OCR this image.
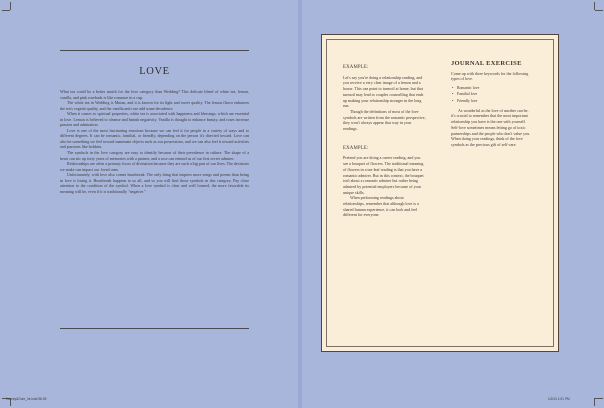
LOVE

What tea could be a better match for the love category than Wedding? This delicate blend of white tea, lemon, vanilla, and pink rosebuds is like romance in a cup.

The white tea in Wedding is Mutan, and it is known for its light and sweet quality. The lemon flavor enhances the tea's vegetal quality, and the vanilla and rose add some decadence.

When it comes to spiritual properties, white tea is associated with happiness and blessings, which are essential in love. Lemon is believed to cleanse and banish negativity. Vanilla is thought to enhance beauty, and roses increase passion and admiration.

Love is one of the most fascinating emotions because we can feel it for people in a variety of ways and to different degrees. It can be romantic, familial, or friendly, depending on the person it's directed toward. Love can also be something we feel toward inanimate objects such as our possessions, and we can also feel it toward activities and passions like hobbies.

The symbols in the love category are easy to identify because of their prevalence in culture. The shape of a heart can stir up forty years of memories with a partner, and a rose can remind us of our first secret admirer.

Relationships are often a primary focus of divination because they are such a big part of our lives. The decisions we make can impact our loved ones.

Unfortunately, with love also comes heartbreak. The only thing that inspires more songs and poems than being in love is losing it. Heartbreak happens to us all, and so you will find those symbols in this category. Pay close attention to the condition of the symbol. When a love symbol is clear and well formed, the more favorable its meaning will be, even if it is traditionally "negative."

EXAMPLE:

Let's say you're doing a relationship reading, and you receive a very clear image of a lemon and a house. This can point to turmoil at home, but that turmoil may lead to couples counselling that ends up making your relationship stronger in the long run.

Though the definitions of most of the love symbols are written from the romantic perspective, they won't always appear that way in your readings.

EXAMPLE:

Pretend you are doing a career reading, and you see a bouquet of flowers. The traditional meaning of flowers in a tea-leaf reading is that you have a romantic admirer. But in this context, the bouquet isn't about a romantic admirer but rather being admired by potential employers because of your unique skills.

When performing readings about relationships, remember that although love is a shared human experience, it can look and feel different for everyone.

JOURNAL EXERCISE

Come up with three keywords for the following types of love.

• Romantic love
• Familial love
• Friendly love

As wonderful as the love of another can be, it's crucial to remember that the most important relationship you have is the one with yourself. Self-love sometimes means letting go of toxic partnerships and the people who don't value you. When doing your readings, think of the love symbols as the precious gift of self-care.

Harvey&Gore_int.indd 58-59	1/2/24 1:01 PM
